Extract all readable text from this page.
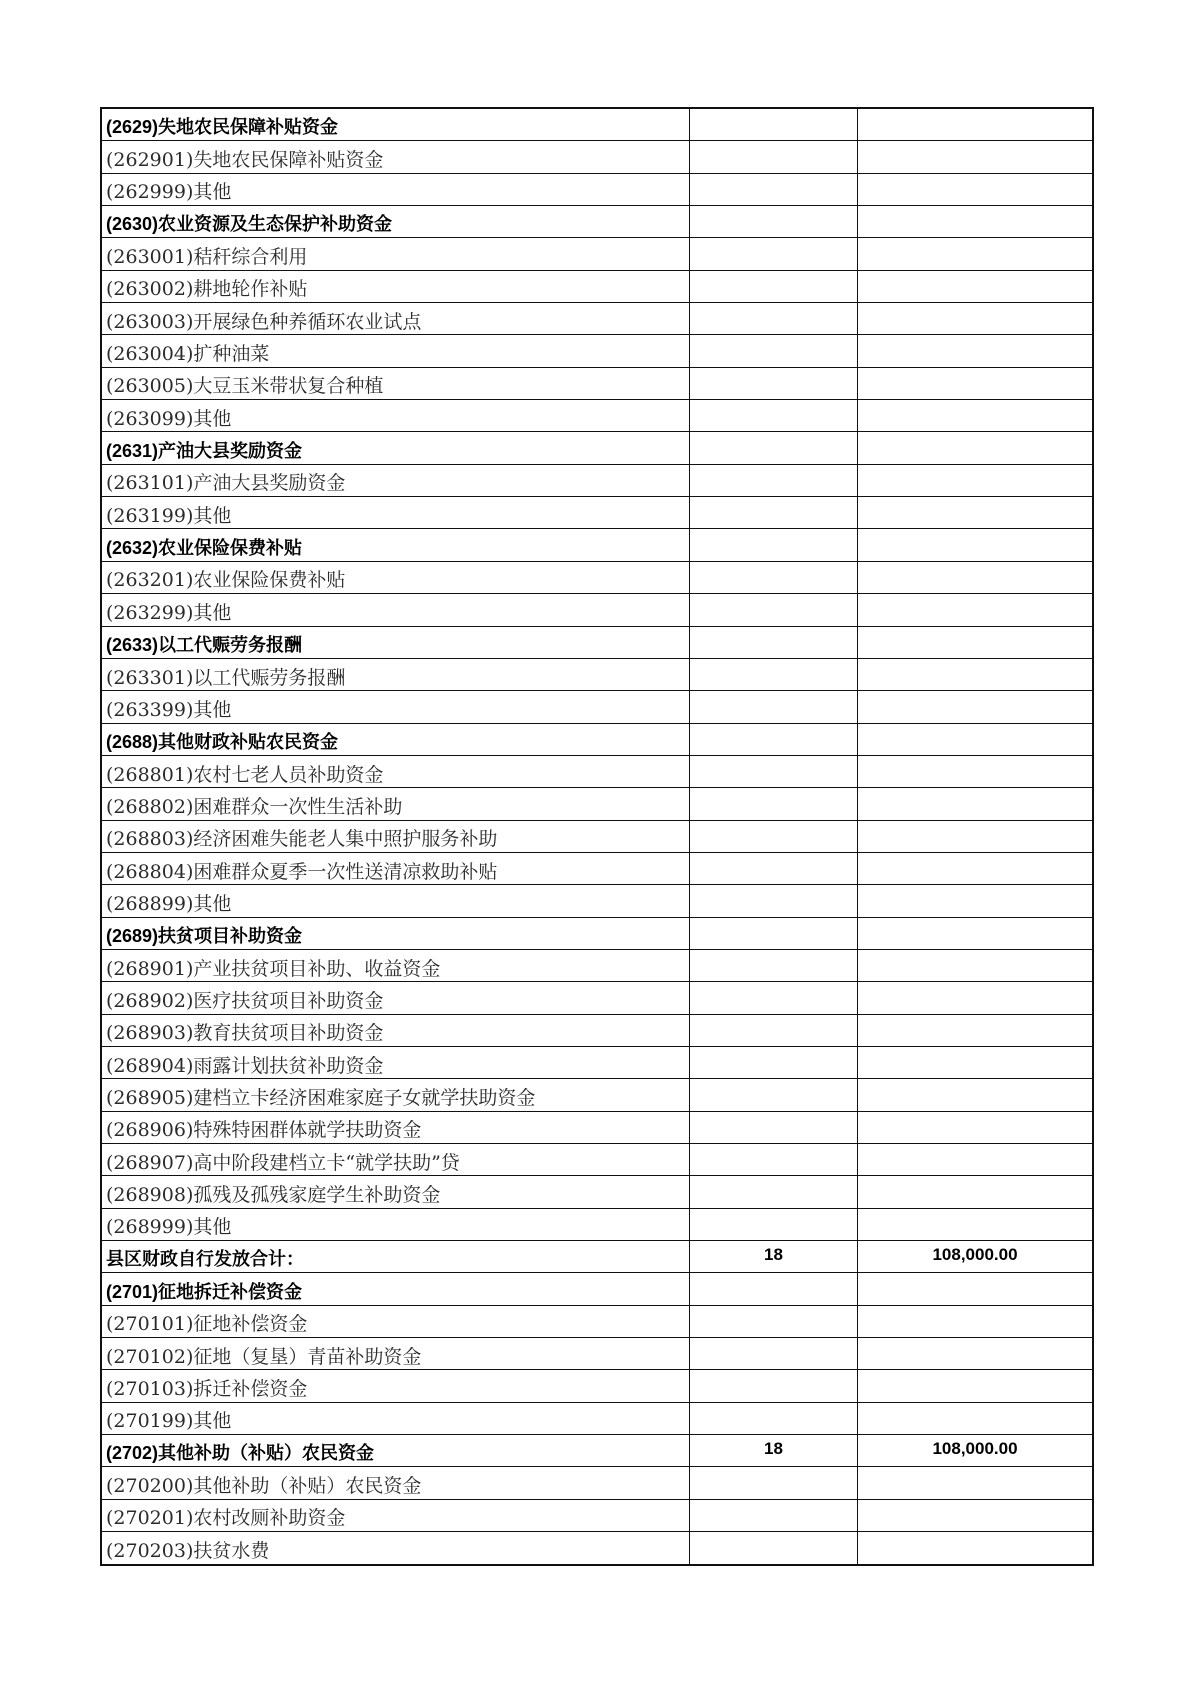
(2629)失地农民保障补贴资金
(262901)失地农民保障补贴资金
(262999)其他
(2630)农业资源及生态保护补助资金
(263001)秸秆综合利用
(263002)耕地轮作补贴
(263003)开展绿色种养循环农业试点
(263004)扩种油菜
(263005)大豆玉米带状复合种植
(263099)其他
(2631)产油大县奖励资金
(263101)产油大县奖励资金
(263199)其他
(2632)农业保险保费补贴
(263201)农业保险保费补贴
(263299)其他
(2633)以工代赈劳务报酬
(263301)以工代赈劳务报酬
(263399)其他
(2688)其他财政补贴农民资金
(268801)农村七老人员补助资金
(268802)困难群众一次性生活补助
(268803)经济困难失能老人集中照护服务补助
(268804)困难群众夏季一次性送清凉救助补贴
(268899)其他
(2689)扶贫项目补助资金
(268901)产业扶贫项目补助、收益资金
(268902)医疗扶贫项目补助资金
(268903)教育扶贫项目补助资金
(268904)雨露计划扶贫补助资金
(268905)建档立卡经济困难家庭子女就学扶助资金
(268906)特殊特困群体就学扶助资金
(268907)高中阶段建档立卡“就学扶助”贷
(268908)孤残及孤残家庭学生补助资金
(268999)其他
县区财政自行发放合计：	18	108,000.00
(2701)征地拆迁补偿资金
(270101)征地补偿资金
(270102)征地（复垦）青苗补助资金
(270103)拆迁补偿资金
(270199)其他
(2702)其他补助（补贴）农民资金	18	108,000.00
(270200)其他补助（补贴）农民资金
(270201)农村改厕补助资金
(270203)扶贫水费
